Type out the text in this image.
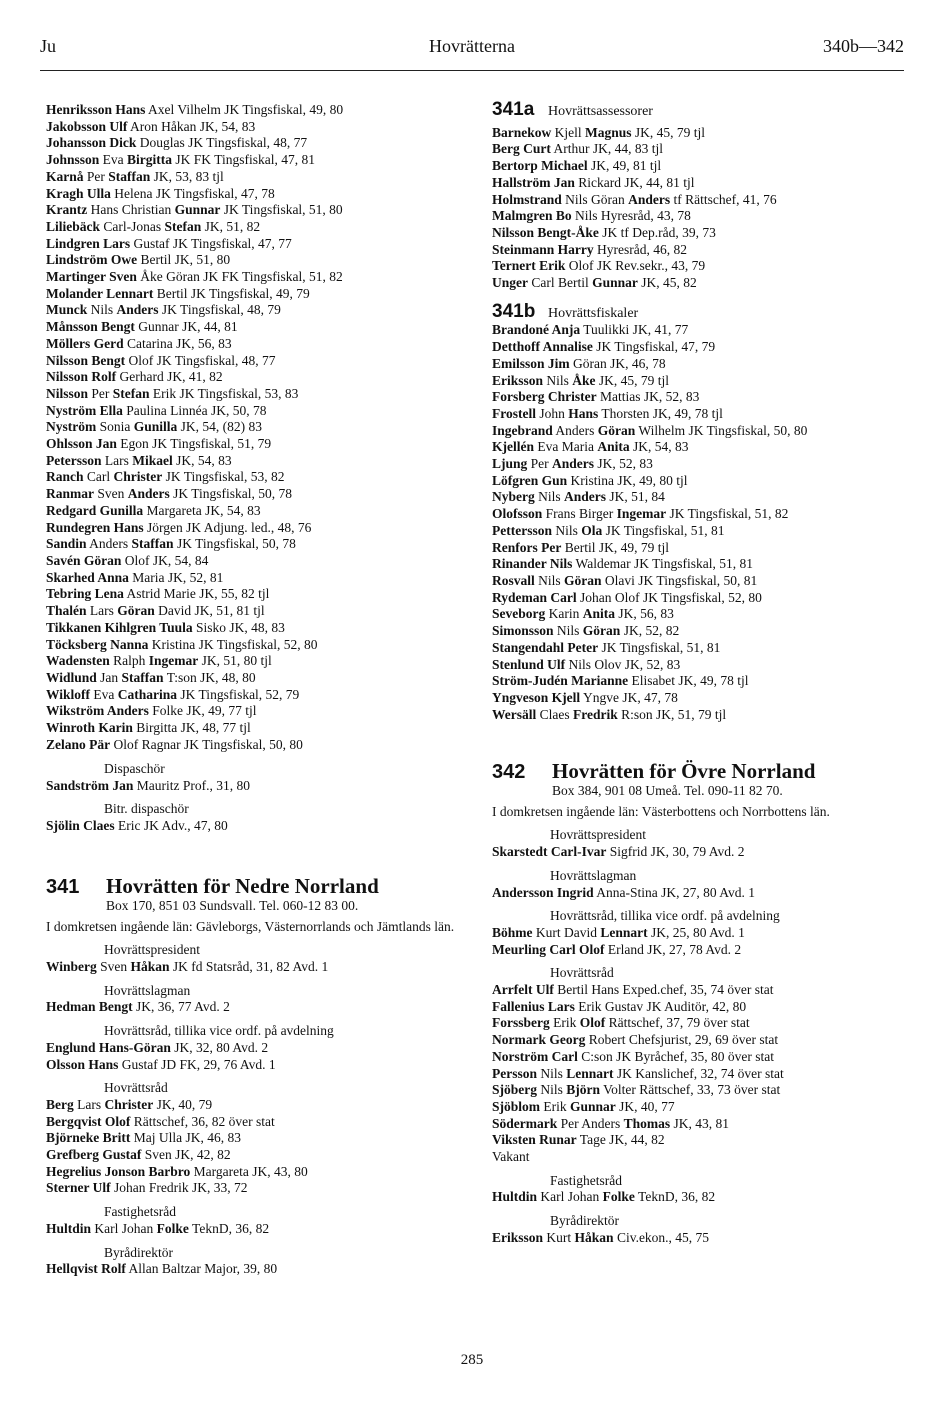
Ju	Hovrätterna	340b—342
Henriksson Hans Axel Vilhelm JK Tingsfiskal, 49, 80
Jakobsson Ulf Aron Håkan JK, 54, 83
Johansson Dick Douglas JK Tingsfiskal, 48, 77
Johnsson Eva Birgitta JK FK Tingsfiskal, 47, 81
Karnå Per Staffan JK, 53, 83 tjl
Kragh Ulla Helena JK Tingsfiskal, 47, 78
Krantz Hans Christian Gunnar JK Tingsfiskal, 51, 80
Liliebäck Carl-Jonas Stefan JK, 51, 82
Lindgren Lars Gustaf JK Tingsfiskal, 47, 77
Lindström Owe Bertil JK, 51, 80
Martinger Sven Åke Göran JK FK Tingsfiskal, 51, 82
Molander Lennart Bertil JK Tingsfiskal, 49, 79
Munck Nils Anders JK Tingsfiskal, 48, 79
Månsson Bengt Gunnar JK, 44, 81
Möllers Gerd Catarina JK, 56, 83
Nilsson Bengt Olof JK Tingsfiskal, 48, 77
Nilsson Rolf Gerhard JK, 41, 82
Nilsson Per Stefan Erik JK Tingsfiskal, 53, 83
Nyström Ella Paulina Linnéa JK, 50, 78
Nyström Sonia Gunilla JK, 54, (82) 83
Ohlsson Jan Egon JK Tingsfiskal, 51, 79
Petersson Lars Mikael JK, 54, 83
Ranch Carl Christer JK Tingsfiskal, 53, 82
Ranmar Sven Anders JK Tingsfiskal, 50, 78
Redgard Gunilla Margareta JK, 54, 83
Rundegren Hans Jörgen JK Adjung. led., 48, 76
Sandin Anders Staffan JK Tingsfiskal, 50, 78
Savén Göran Olof JK, 54, 84
Skarhed Anna Maria JK, 52, 81
Tebring Lena Astrid Marie JK, 55, 82 tjl
Thalén Lars Göran David JK, 51, 81 tjl
Tikkanen Kihlgren Tuula Sisko JK, 48, 83
Töcksberg Nanna Kristina JK Tingsfiskal, 52, 80
Wadensten Ralph Ingemar JK, 51, 80 tjl
Widlund Jan Staffan T:son JK, 48, 80
Wikloff Eva Catharina JK Tingsfiskal, 52, 79
Wikström Anders Folke JK, 49, 77 tjl
Winroth Karin Birgitta JK, 48, 77 tjl
Zelano Pär Olof Ragnar JK Tingsfiskal, 50, 80
Dispaschör
Sandström Jan Mauritz Prof., 31, 80
Bitr. dispaschör
Sjölin Claes Eric JK Adv., 47, 80
341	Hovrätten för Nedre Norrland
Box 170, 851 03 Sundsvall. Tel. 060-12 83 00.
I domkretsen ingående län: Gävleborgs, Västernorrlands och Jämtlands län.
Hovrättspresident
Winberg Sven Håkan JK fd Statsråd, 31, 82 Avd. 1
Hovrättslagman
Hedman Bengt JK, 36, 77 Avd. 2
Hovrättsråd, tillika vice ordf. på avdelning
Englund Hans-Göran JK, 32, 80 Avd. 2
Olsson Hans Gustaf JD FK, 29, 76 Avd. 1
Hovrättsråd
Berg Lars Christer JK, 40, 79
Bergqvist Olof Rättschef, 36, 82 över stat
Björneke Britt Maj Ulla JK, 46, 83
Grefberg Gustaf Sven JK, 42, 82
Hegrelius Jonson Barbro Margareta JK, 43, 80
Sterner Ulf Johan Fredrik JK, 33, 72
Fastighetsråd
Hultdin Karl Johan Folke TeknD, 36, 82
Byrådirektör
Hellqvist Rolf Allan Baltzar Major, 39, 80
341a Hovrättsassessorer
Barnekow Kjell Magnus JK, 45, 79 tjl
Berg Curt Arthur JK, 44, 83 tjl
Bertorp Michael JK, 49, 81 tjl
Hallström Jan Rickard JK, 44, 81 tjl
Holmstrand Nils Göran Anders tf Rättschef, 41, 76
Malmgren Bo Nils Hyresråd, 43, 78
Nilsson Bengt-Åke JK tf Dep.råd, 39, 73
Steinmann Harry Hyresråd, 46, 82
Ternert Erik Olof JK Rev.sekr., 43, 79
Unger Carl Bertil Gunnar JK, 45, 82
341b Hovrättsfiskaler
Brandoné Anja Tuulikki JK, 41, 77
Detthoff Annalise JK Tingsfiskal, 47, 79
Emilsson Jim Göran JK, 46, 78
Eriksson Nils Åke JK, 45, 79 tjl
Forsberg Christer Mattias JK, 52, 83
Frostell John Hans Thorsten JK, 49, 78 tjl
Ingebrand Anders Göran Wilhelm JK Tingsfiskal, 50, 80
Kjellén Eva Maria Anita JK, 54, 83
Ljung Per Anders JK, 52, 83
Löfgren Gun Kristina JK, 49, 80 tjl
Nyberg Nils Anders JK, 51, 84
Olofsson Frans Birger Ingemar JK Tingsfiskal, 51, 82
Pettersson Nils Ola JK Tingsfiskal, 51, 81
Renfors Per Bertil JK, 49, 79 tjl
Rinander Nils Waldemar JK Tingsfiskal, 51, 81
Rosvall Nils Göran Olavi JK Tingsfiskal, 50, 81
Rydeman Carl Johan Olof JK Tingsfiskal, 52, 80
Seveborg Karin Anita JK, 56, 83
Simonsson Nils Göran JK, 52, 82
Stangendahl Peter JK Tingsfiskal, 51, 81
Stenlund Ulf Nils Olov JK, 52, 83
Ström-Judén Marianne Elisabet JK, 49, 78 tjl
Yngveson Kjell Yngve JK, 47, 78
Wersäll Claes Fredrik R:son JK, 51, 79 tjl
342	Hovrätten för Övre Norrland
Box 384, 901 08 Umeå. Tel. 090-11 82 70.
I domkretsen ingående län: Västerbottens och Norrbottens län.
Hovrättspresident
Skarstedt Carl-Ivar Sigfrid JK, 30, 79 Avd. 2
Hovrättslagman
Andersson Ingrid Anna-Stina JK, 27, 80 Avd. 1
Hovrättsråd, tillika vice ordf. på avdelning
Böhme Kurt David Lennart JK, 25, 80 Avd. 1
Meurling Carl Olof Erland JK, 27, 78 Avd. 2
Hovrättsråd
Arrfelt Ulf Bertil Hans Exped.chef, 35, 74 över stat
Fallenius Lars Erik Gustav JK Auditör, 42, 80
Forssberg Erik Olof Rättschef, 37, 79 över stat
Normark Georg Robert Chefsjurist, 29, 69 över stat
Norström Carl C:son JK Byråchef, 35, 80 över stat
Persson Nils Lennart JK Kanslichef, 32, 74 över stat
Sjöberg Nils Björn Volter Rättschef, 33, 73 över stat
Sjöblom Erik Gunnar JK, 40, 77
Södermark Per Anders Thomas JK, 43, 81
Viksten Runar Tage JK, 44, 82
Vakant
Fastighetsråd
Hultdin Karl Johan Folke TeknD, 36, 82
Byrådirektör
Eriksson Kurt Håkan Civ.ekon., 45, 75
285
